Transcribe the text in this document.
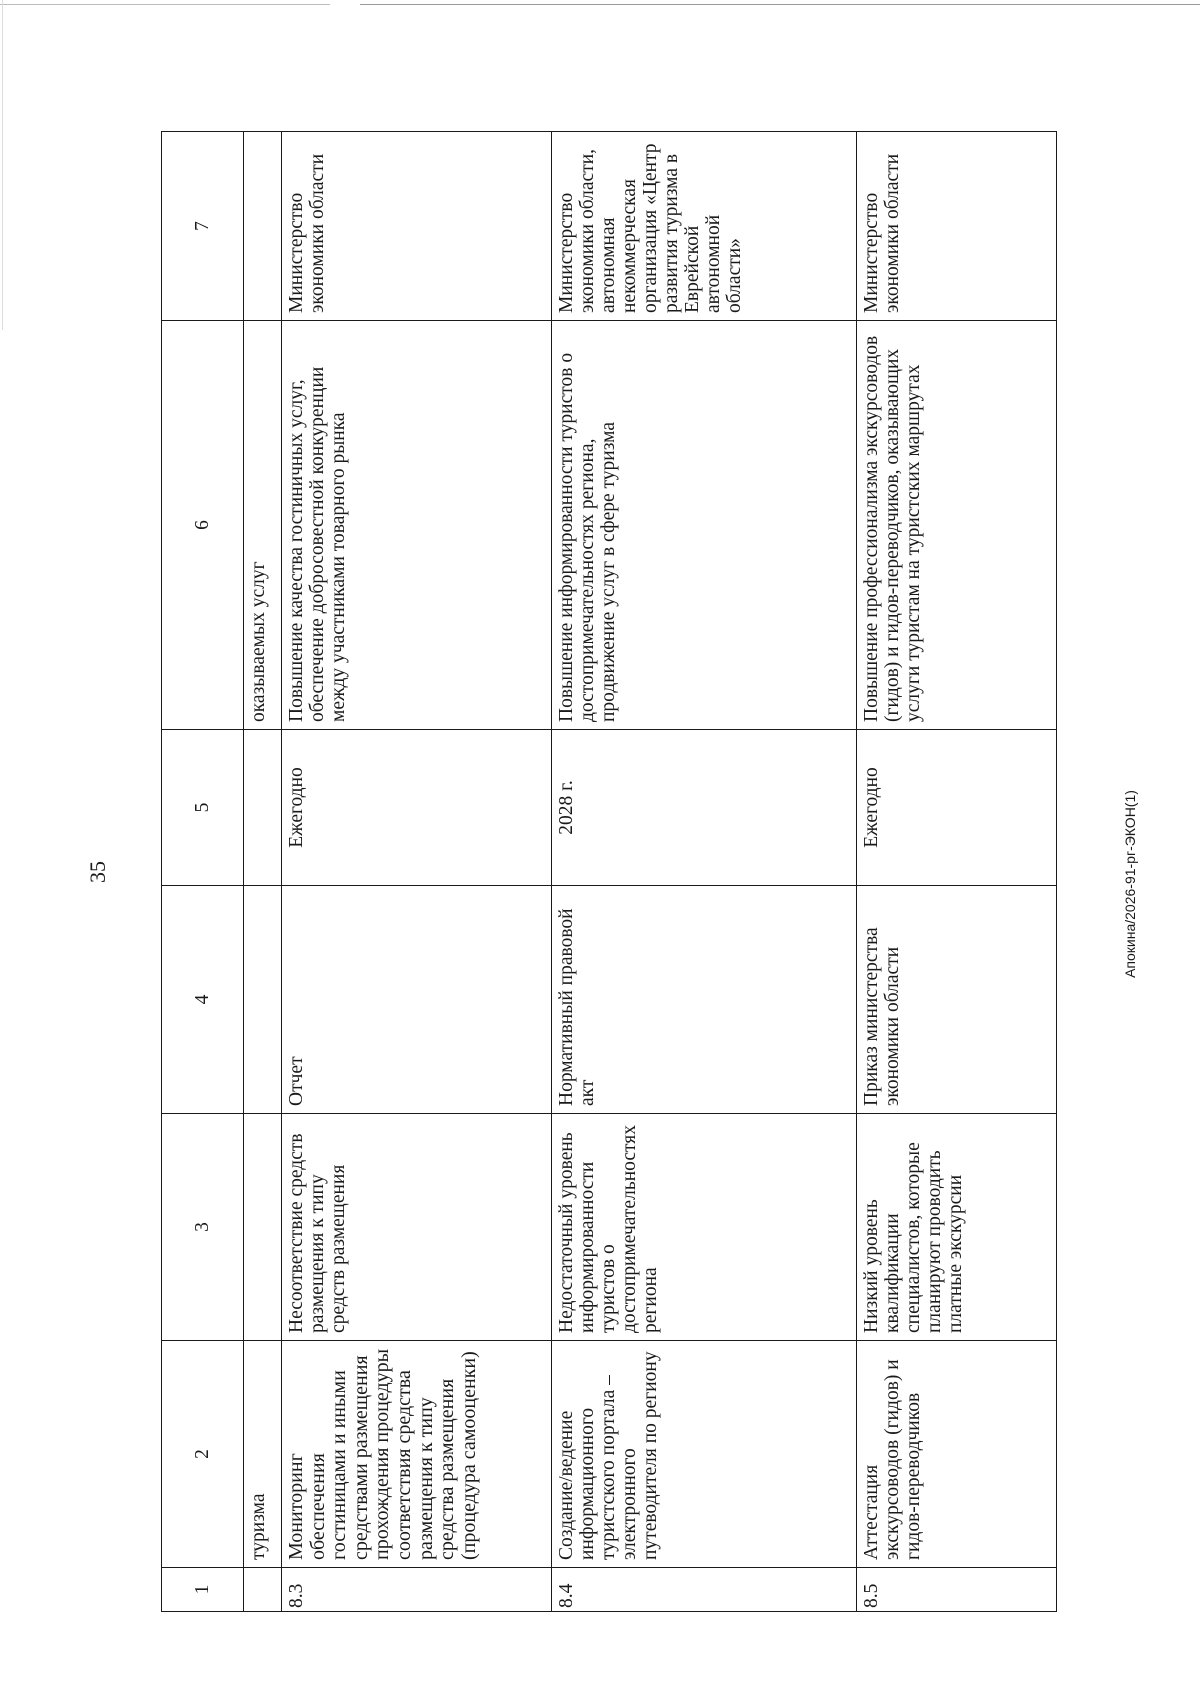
35
1	2	3	4	5	6	7
	туризма				оказываемых услуг	
8.3	Мониторинг обеспечения гостиницами и иными средствами размещения прохождения процедуры соответствия средства размещения к типу средства размещения (процедура самооценки)	Несоответствие средств размещения к типу средств размещения	Отчет	Ежегодно	Повышение качества гостиничных услуг, обеспечение добросовестной конкуренции между участниками товарного рынка	Министерство экономики области
8.4	Создание/ведение информационного туристского портала – электронного путеводителя по региону	Недостаточный уровень информированности туристов о достопримечательностях региона	Нормативный правовой акт	2028 г.	Повышение информированности туристов о достопримечательностях региона, продвижение услуг в сфере туризма	Министерство экономики области, автономная некоммерческая организация «Центр развития туризма в Еврейской автономной области»
8.5	Аттестация экскурсоводов (гидов) и гидов-переводчиков	Низкий уровень квалификации специалистов, которые планируют проводить платные экскурсии	Приказ министерства экономики области	Ежегодно	Повышение профессионализма экскурсоводов (гидов) и гидов-переводчиков, оказывающих услуги туристам на туристских маршрутах	Министерство экономики области
Апокина/2026-91-рг-ЭКОН(1)
